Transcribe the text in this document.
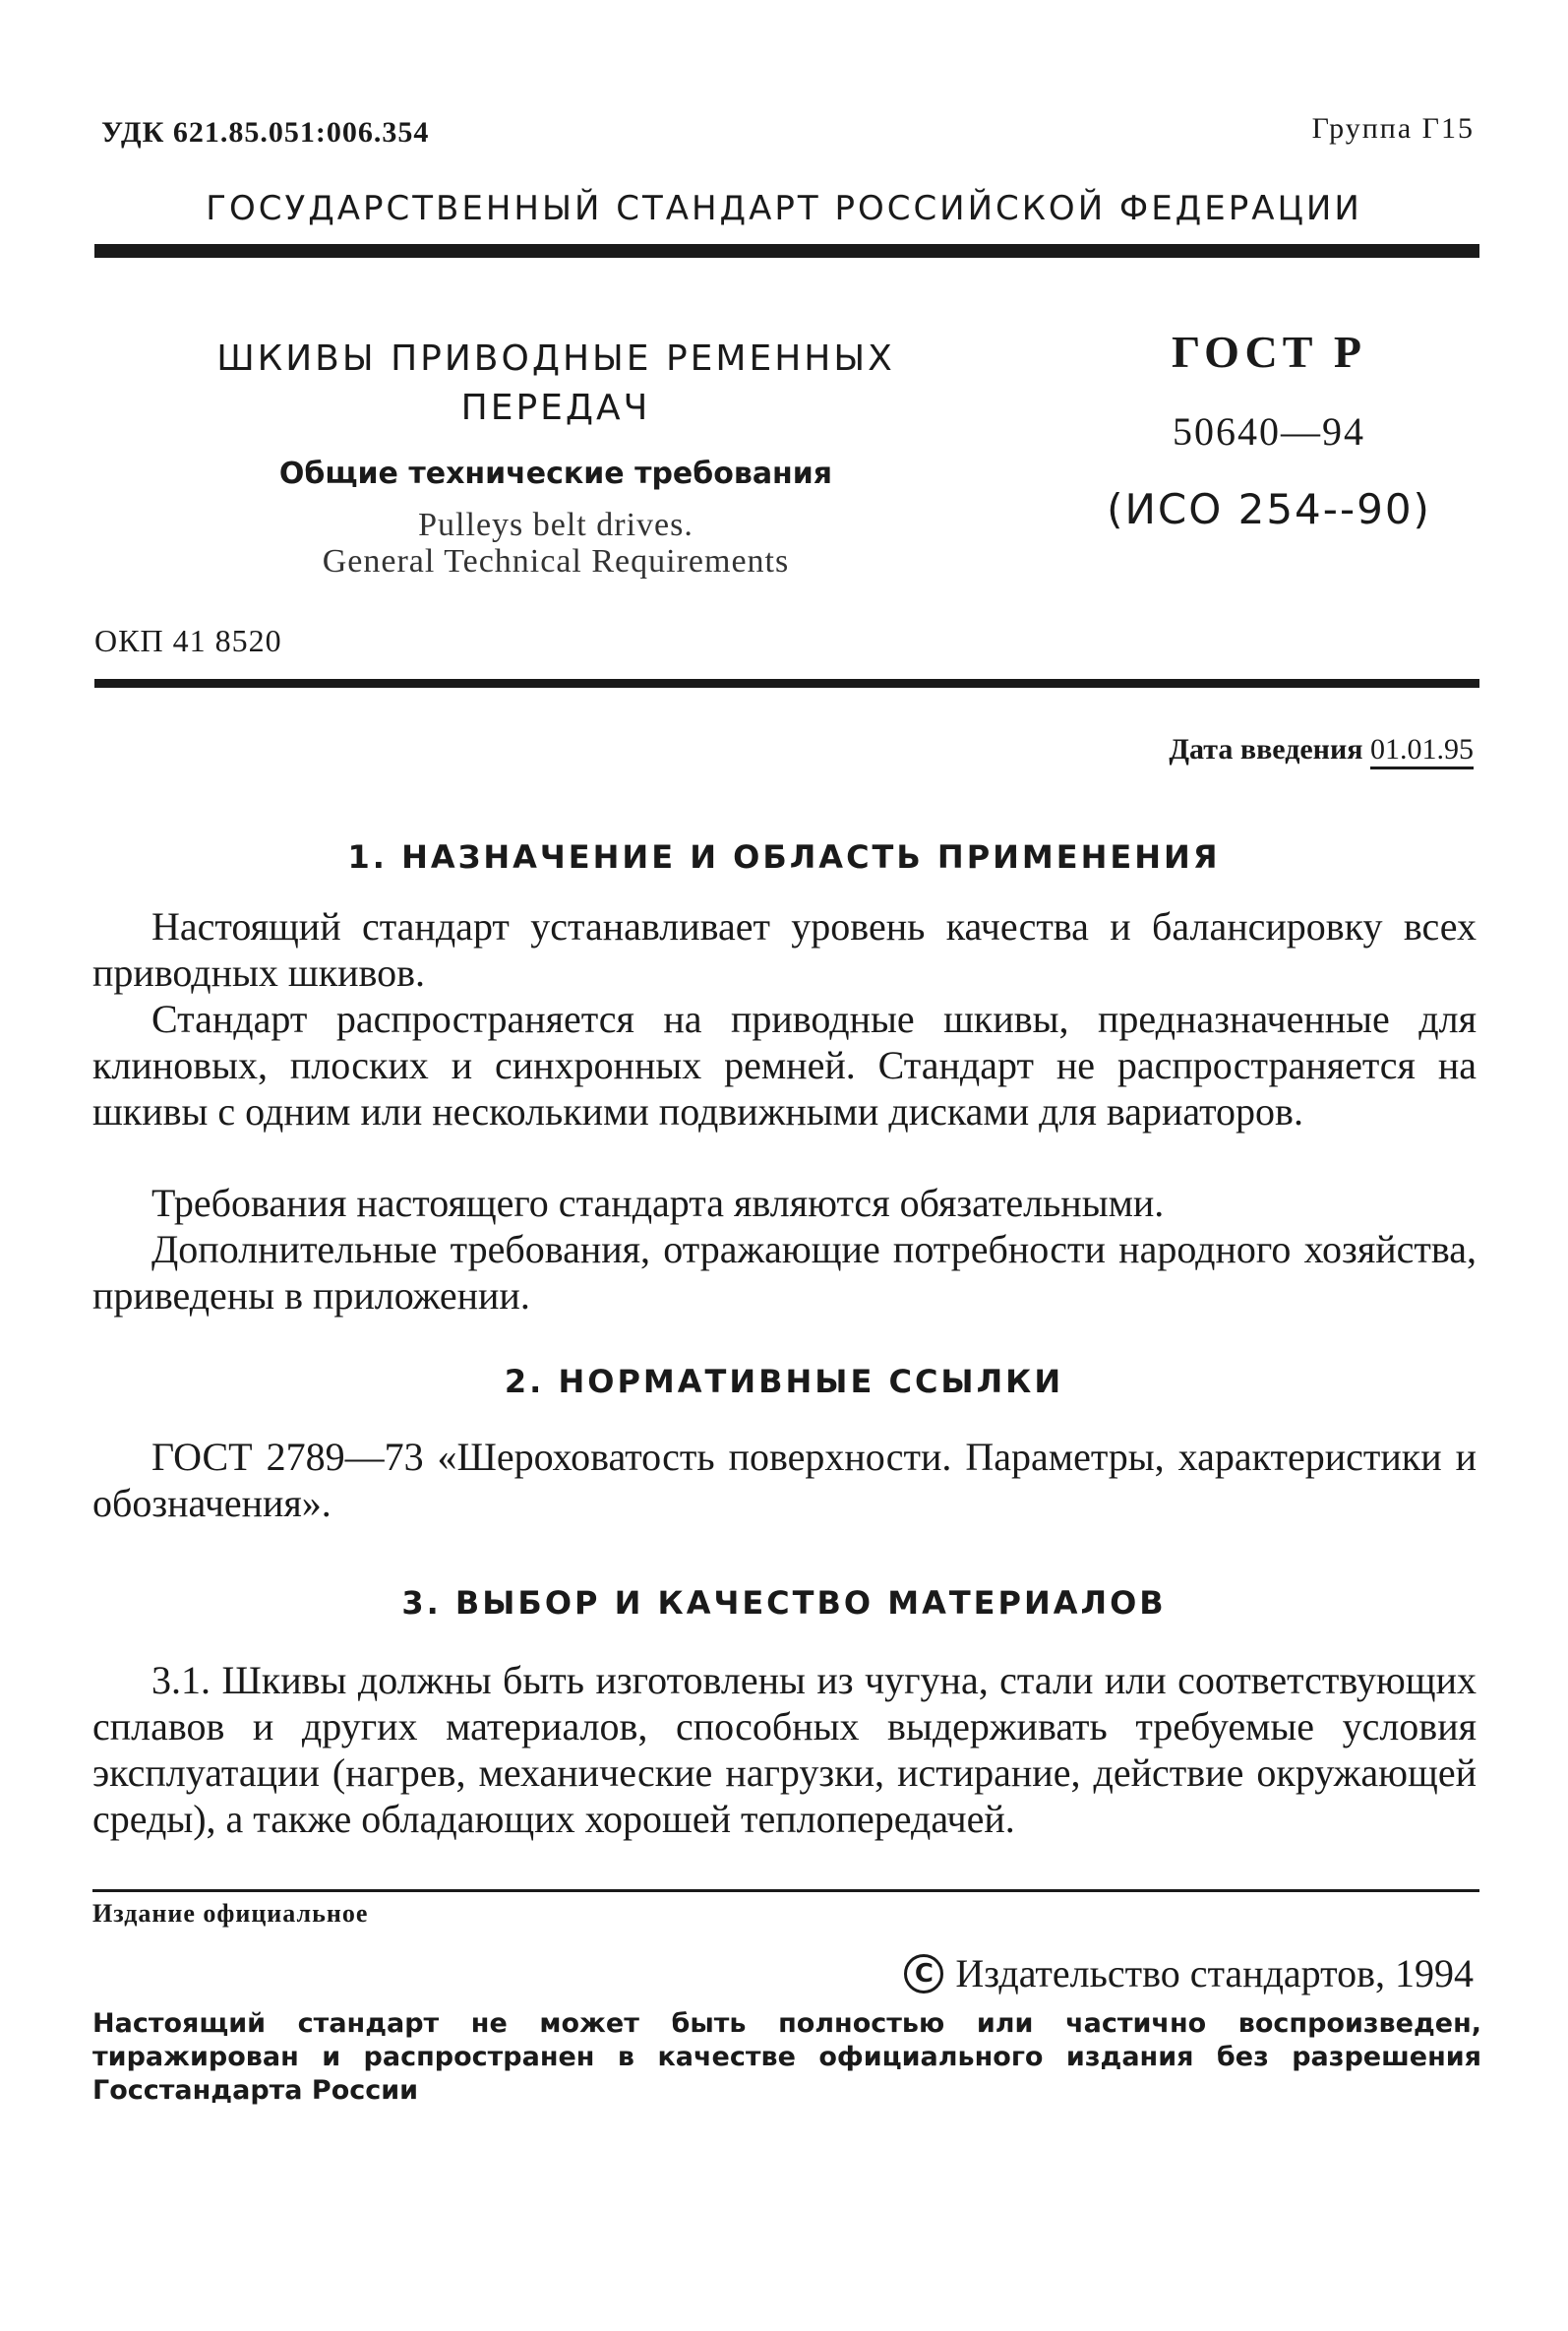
УДК 621.85.051:006.354	Группа Г15
ГОСУДАРСТВЕННЫЙ СТАНДАРТ РОССИЙСКОЙ ФЕДЕРАЦИИ
ШКИВЫ ПРИВОДНЫЕ РЕМЕННЫХ
ПЕРЕДАЧ
Общие технические требования
Pulleys belt drives.
General Technical Requirements
ГОСТ Р
50640—94
(ИСО 254--90)
ОКП 41 8520
Дата введения 01.01.95
1. НАЗНАЧЕНИЕ И ОБЛАСТЬ ПРИМЕНЕНИЯ
Настоящий стандарт устанавливает уровень качества и балансировку всех приводных шкивов.
Стандарт распространяется на приводные шкивы, предназначенные для клиновых, плоских и синхронных ремней. Стандарт не распространяется на шкивы с одним или несколькими подвижными дисками для вариаторов.
Требования настоящего стандарта являются обязательными.
Дополнительные требования, отражающие потребности народного хозяйства, приведены в приложении.
2. НОРМАТИВНЫЕ ССЫЛКИ
ГОСТ 2789—73 «Шероховатость поверхности. Параметры, характеристики и обозначения».
3. ВЫБОР И КАЧЕСТВО МАТЕРИАЛОВ
3.1. Шкивы должны быть изготовлены из чугуна, стали или соответствующих сплавов и других материалов, способных выдерживать требуемые условия эксплуатации (нагрев, механические нагрузки, истирание, действие окружающей среды), а также обладающих хорошей теплопередачей.
Издание официальное
C Издательство стандартов, 1994
Настоящий стандарт не может быть полностью или частично воспроизведен, тиражирован и распространен в качестве официального издания без разрешения Госстандарта России
